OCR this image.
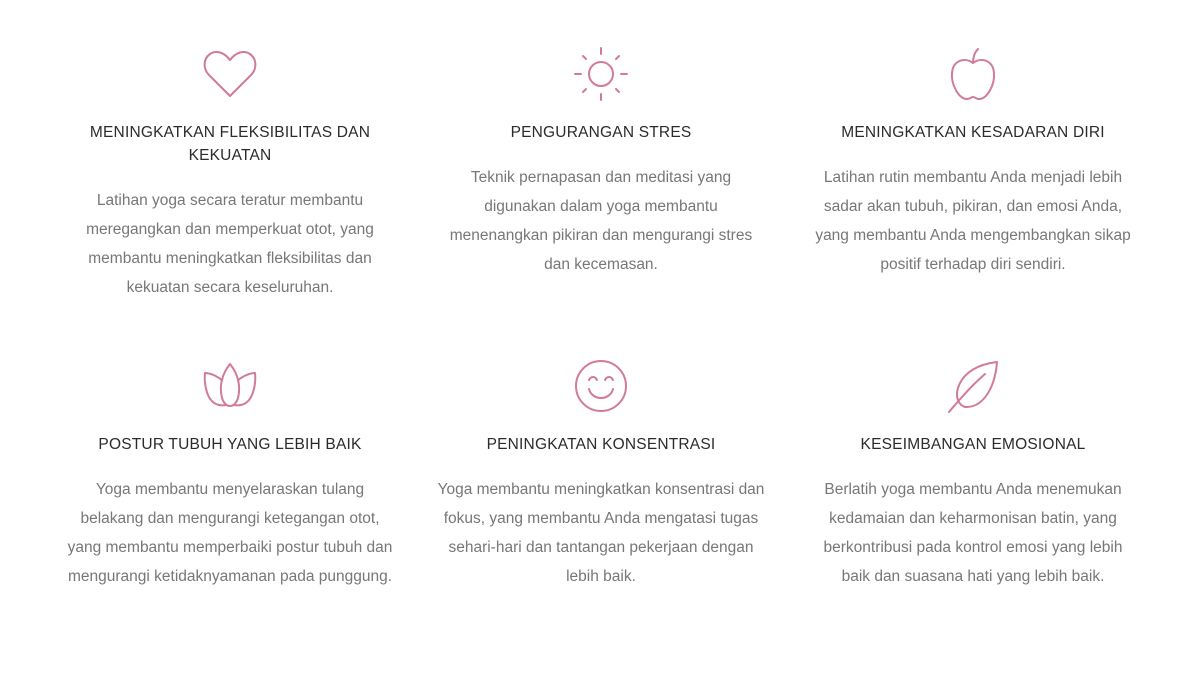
MENINGKATKAN FLEKSIBILITAS DAN KEKUATAN
Latihan yoga secara teratur membantu meregangkan dan memperkuat otot, yang membantu meningkatkan fleksibilitas dan kekuatan secara keseluruhan.
PENGURANGAN STRES
Teknik pernapasan dan meditasi yang digunakan dalam yoga membantu menenangkan pikiran dan mengurangi stres dan kecemasan.
MENINGKATKAN KESADARAN DIRI
Latihan rutin membantu Anda menjadi lebih sadar akan tubuh, pikiran, dan emosi Anda, yang membantu Anda mengembangkan sikap positif terhadap diri sendiri.
POSTUR TUBUH YANG LEBIH BAIK
Yoga membantu menyelaraskan tulang belakang dan mengurangi ketegangan otot, yang membantu memperbaiki postur tubuh dan mengurangi ketidaknyamanan pada punggung.
PENINGKATAN KONSENTRASI
Yoga membantu meningkatkan konsentrasi dan fokus, yang membantu Anda mengatasi tugas sehari-hari dan tantangan pekerjaan dengan lebih baik.
KESEIMBANGAN EMOSIONAL
Berlatih yoga membantu Anda menemukan kedamaian dan keharmonisan batin, yang berkontribusi pada kontrol emosi yang lebih baik dan suasana hati yang lebih baik.
